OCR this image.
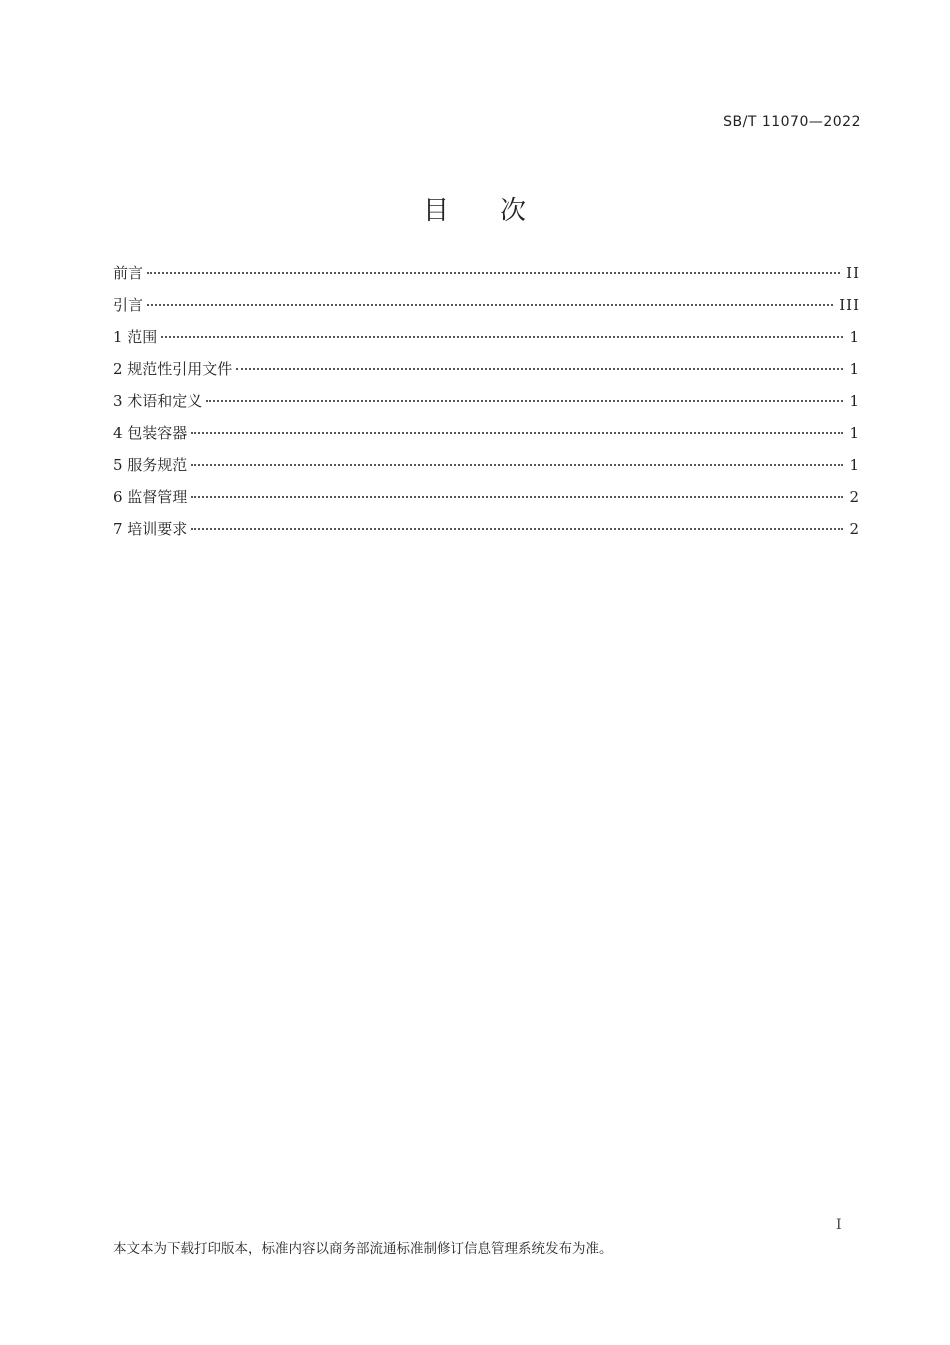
SB/T 11070—2022
目 次
前言	II
引言	III
1 范围	1
2 规范性引用文件	1
3 术语和定义	1
4 包装容器	1
5 服务规范	1
6 监督管理	2
7 培训要求	2
I
本文本为下载打印版本，标准内容以商务部流通标准制修订信息管理系统发布为准。
